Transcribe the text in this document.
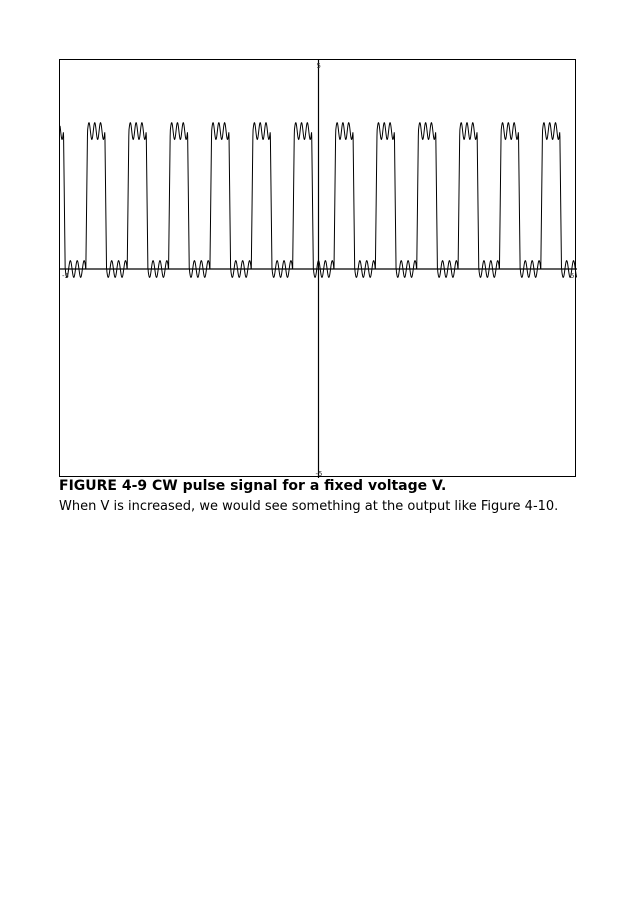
-5	5
5
-5
FIGURE 4-9 CW pulse signal for a fixed voltage V.
When V is increased, we would see something at the output like Figure 4-10.
